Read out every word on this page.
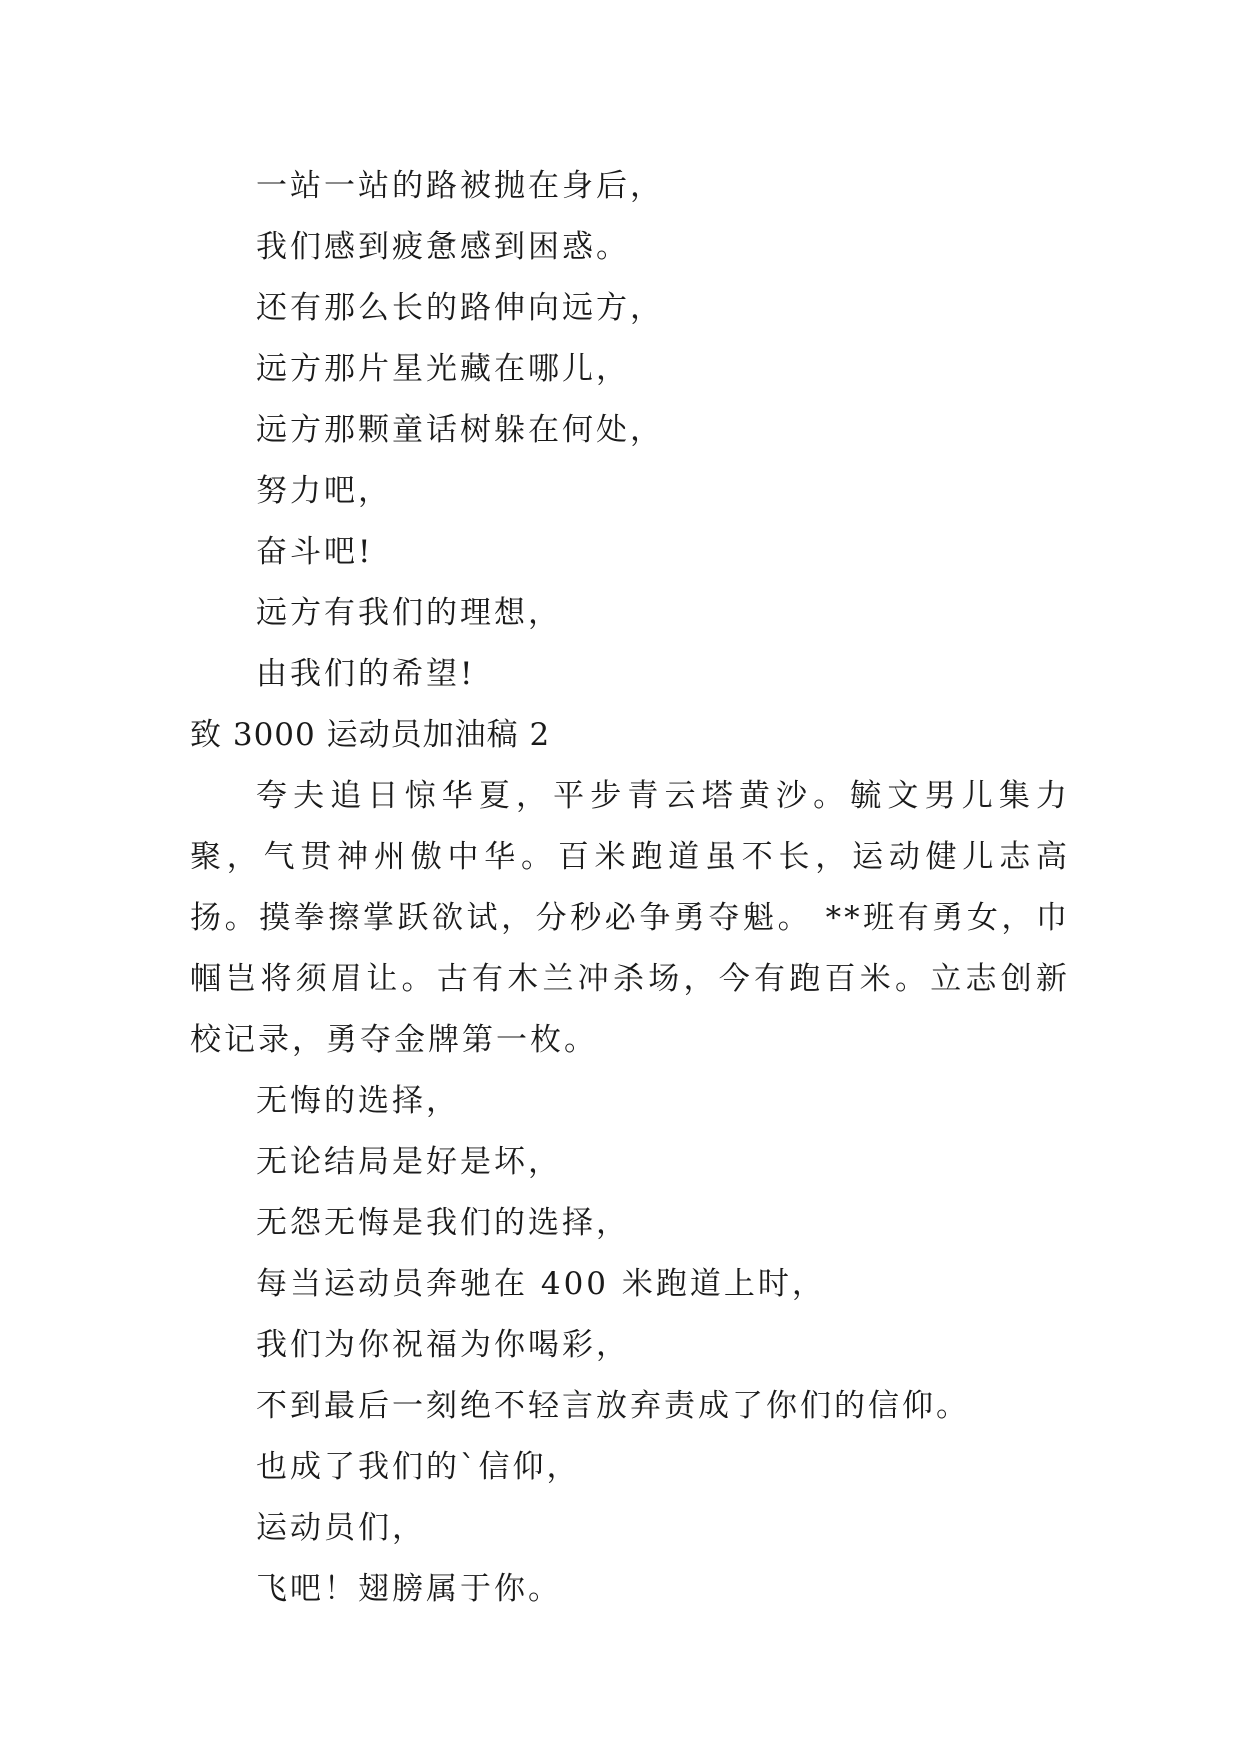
一站一站的路被抛在身后，
我们感到疲惫感到困惑。
还有那么长的路伸向远方，
远方那片星光藏在哪儿，
远方那颗童话树躲在何处，
努力吧，
奋斗吧!
远方有我们的理想，
由我们的希望!
致 3000 运动员加油稿 2

夸夫追日惊华夏，平步青云塔黄沙。毓文男儿集力聚，气贯神州傲中华。百米跑道虽不长，运动健儿志高扬。摸拳擦掌跃欲试，分秒必争勇夺魁。 **班有勇女，巾帼岂将须眉让。古有木兰冲杀场，今有跑百米。立志创新校记录，勇夺金牌第一枚。

无悔的选择，
无论结局是好是坏，
无怨无悔是我们的选择，
每当运动员奔驰在 400 米跑道上时，
我们为你祝福为你喝彩，
不到最后一刻绝不轻言放弃责成了你们的信仰。
也成了我们的`信仰，
运动员们，
飞吧！翅膀属于你。
